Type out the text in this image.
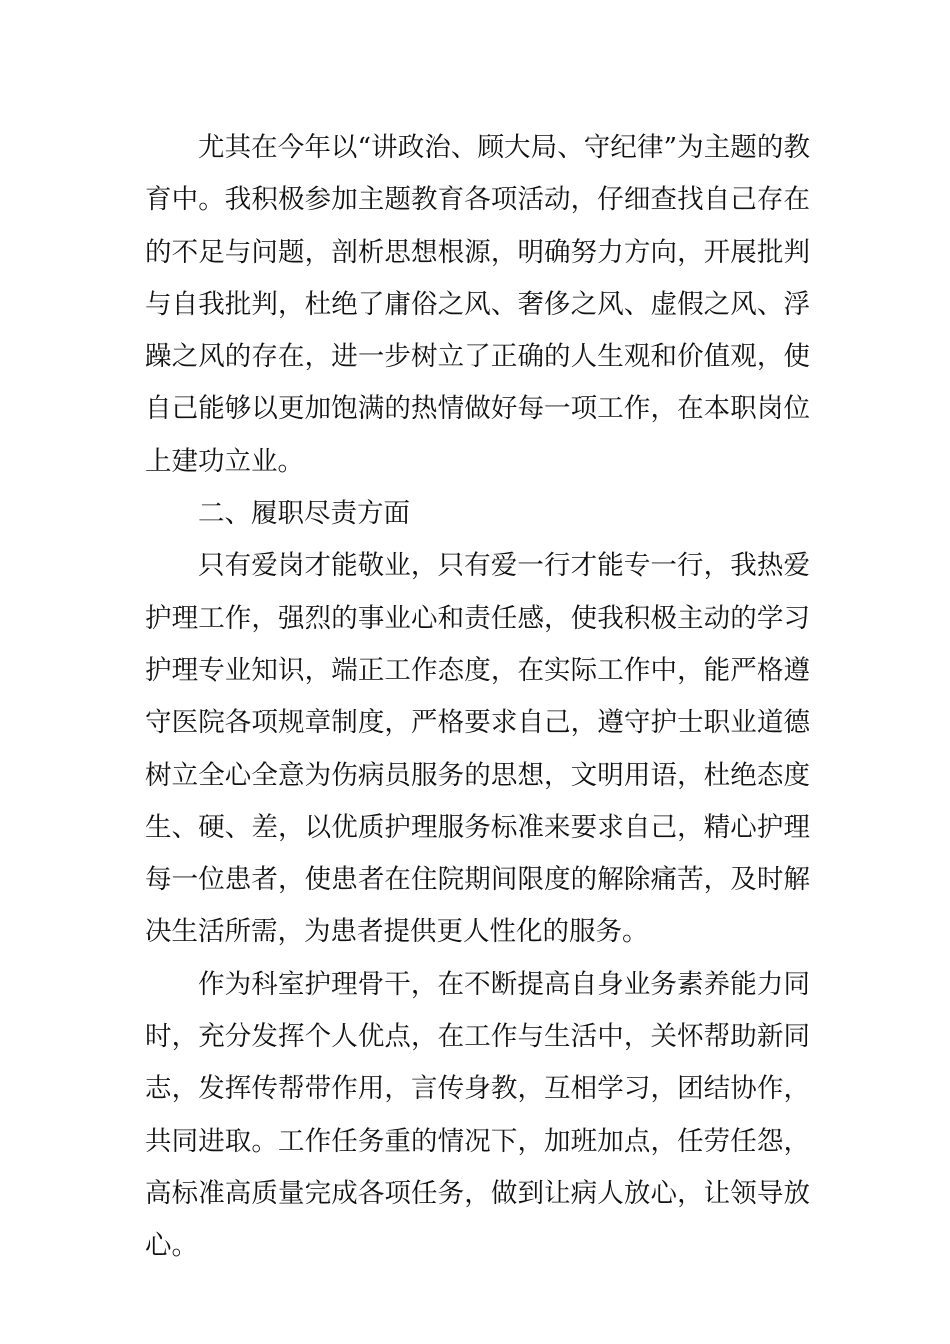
尤其在今年以“讲政治、顾大局、守纪律”为主题的教育中。我积极参加主题教育各项活动，仔细查找自己存在的不足与问题，剖析思想根源，明确努力方向，开展批判与自我批判，杜绝了庸俗之风、奢侈之风、虚假之风、浮躁之风的存在，进一步树立了正确的人生观和价值观，使自己能够以更加饱满的热情做好每一项工作，在本职岗位上建功立业。

二、履职尽责方面

只有爱岗才能敬业，只有爱一行才能专一行，我热爱护理工作，强烈的事业心和责任感，使我积极主动的学习护理专业知识，端正工作态度，在实际工作中，能严格遵守医院各项规章制度，严格要求自己，遵守护士职业道德树立全心全意为伤病员服务的思想，文明用语，杜绝态度生、硬、差，以优质护理服务标准来要求自己，精心护理每一位患者，使患者在住院期间限度的解除痛苦，及时解决生活所需，为患者提供更人性化的服务。

作为科室护理骨干，在不断提高自身业务素养能力同时，充分发挥个人优点，在工作与生活中，关怀帮助新同志，发挥传帮带作用，言传身教，互相学习，团结协作，共同进取。工作任务重的情况下，加班加点，任劳任怨，高标准高质量完成各项任务，做到让病人放心，让领导放心。
